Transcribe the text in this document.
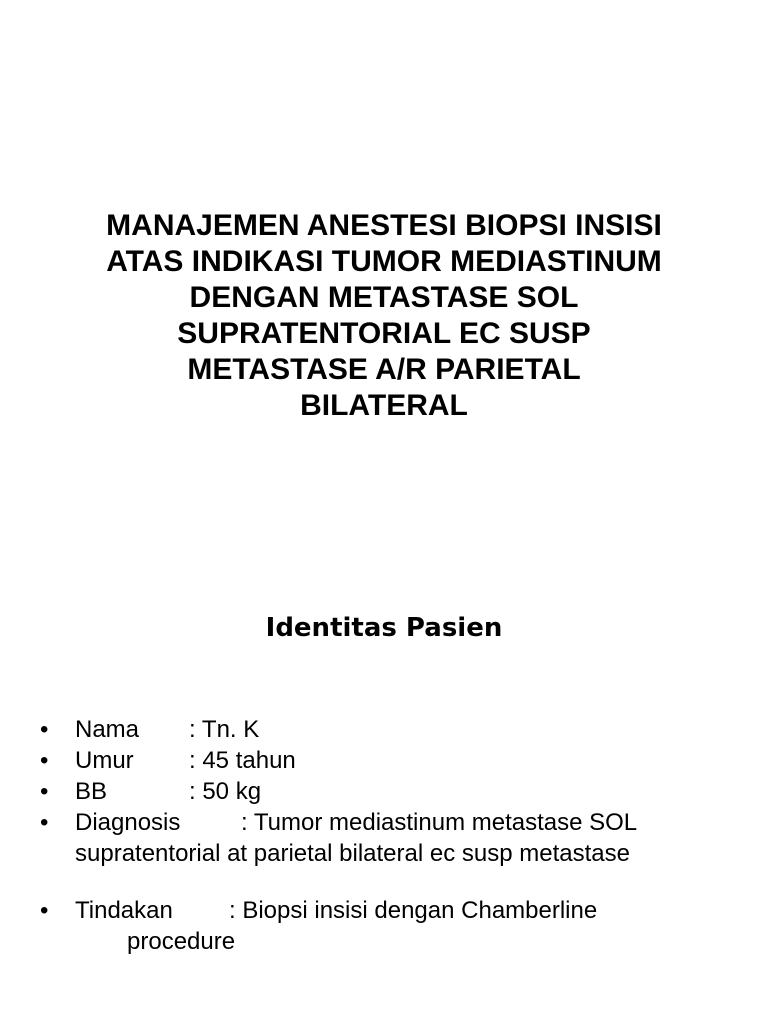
MANAJEMEN ANESTESI BIOPSI INSISI
ATAS INDIKASI TUMOR MEDIASTINUM
DENGAN METASTASE SOL
SUPRATENTORIAL EC SUSP
METASTASE A/R PARIETAL
BILATERAL
Identitas Pasien
• Nama : Tn. K
• Umur : 45 tahun
• BB	: 50 kg
• Diagnosis	: Tumor mediastinum metastase SOL
supratentorial at parietal bilateral ec susp metastase
• Tindakan : Biopsi insisi dengan Chamberline
procedure
